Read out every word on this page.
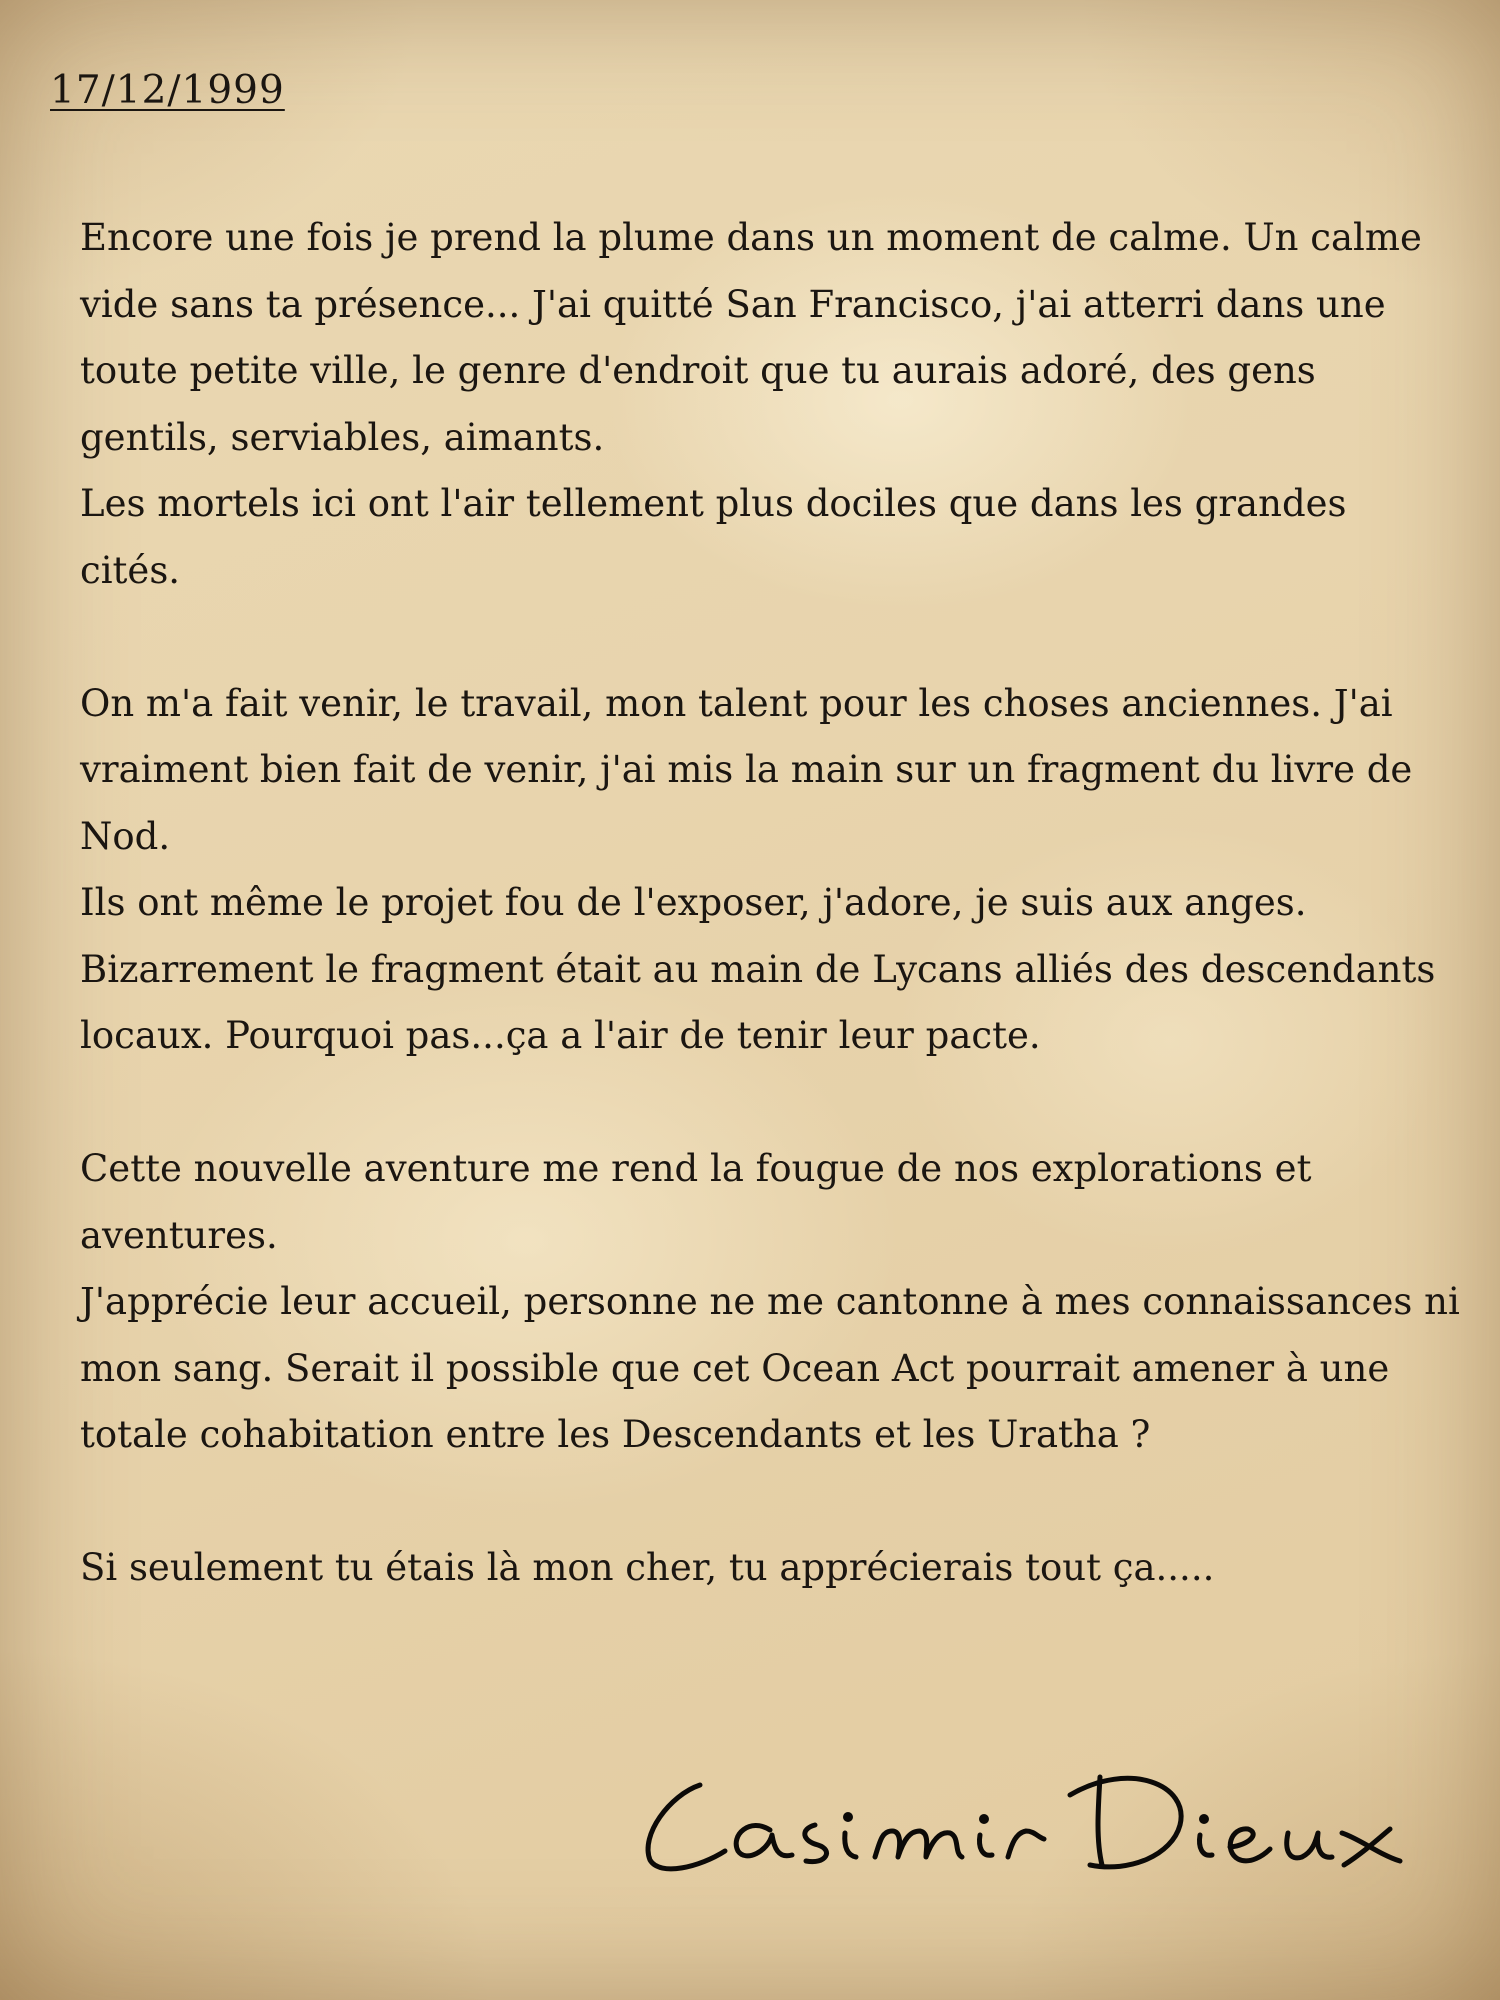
17/12/1999

Encore une fois je prend la plume dans un moment de calme. Un calme
vide sans ta présence... J'ai quitté San Francisco, j'ai atterri dans une
toute petite ville, le genre d'endroit que tu aurais adoré, des gens
gentils, serviables, aimants.
Les mortels ici ont l'air tellement plus dociles que dans les grandes
cités.

On m'a fait venir, le travail, mon talent pour les choses anciennes. J'ai
vraiment bien fait de venir, j'ai mis la main sur un fragment du livre de
Nod.
Ils ont même le projet fou de l'exposer, j'adore, je suis aux anges.
Bizarrement le fragment était au main de Lycans alliés des descendants
locaux. Pourquoi pas...ça a l'air de tenir leur pacte.

Cette nouvelle aventure me rend la fougue de nos explorations et
aventures.
J'apprécie leur accueil, personne ne me cantonne à mes connaissances ni
mon sang. Serait il possible que cet Ocean Act pourrait amener à une
totale cohabitation entre les Descendants et les Uratha ?

Si seulement tu étais là mon cher, tu apprécierais tout ça.....
